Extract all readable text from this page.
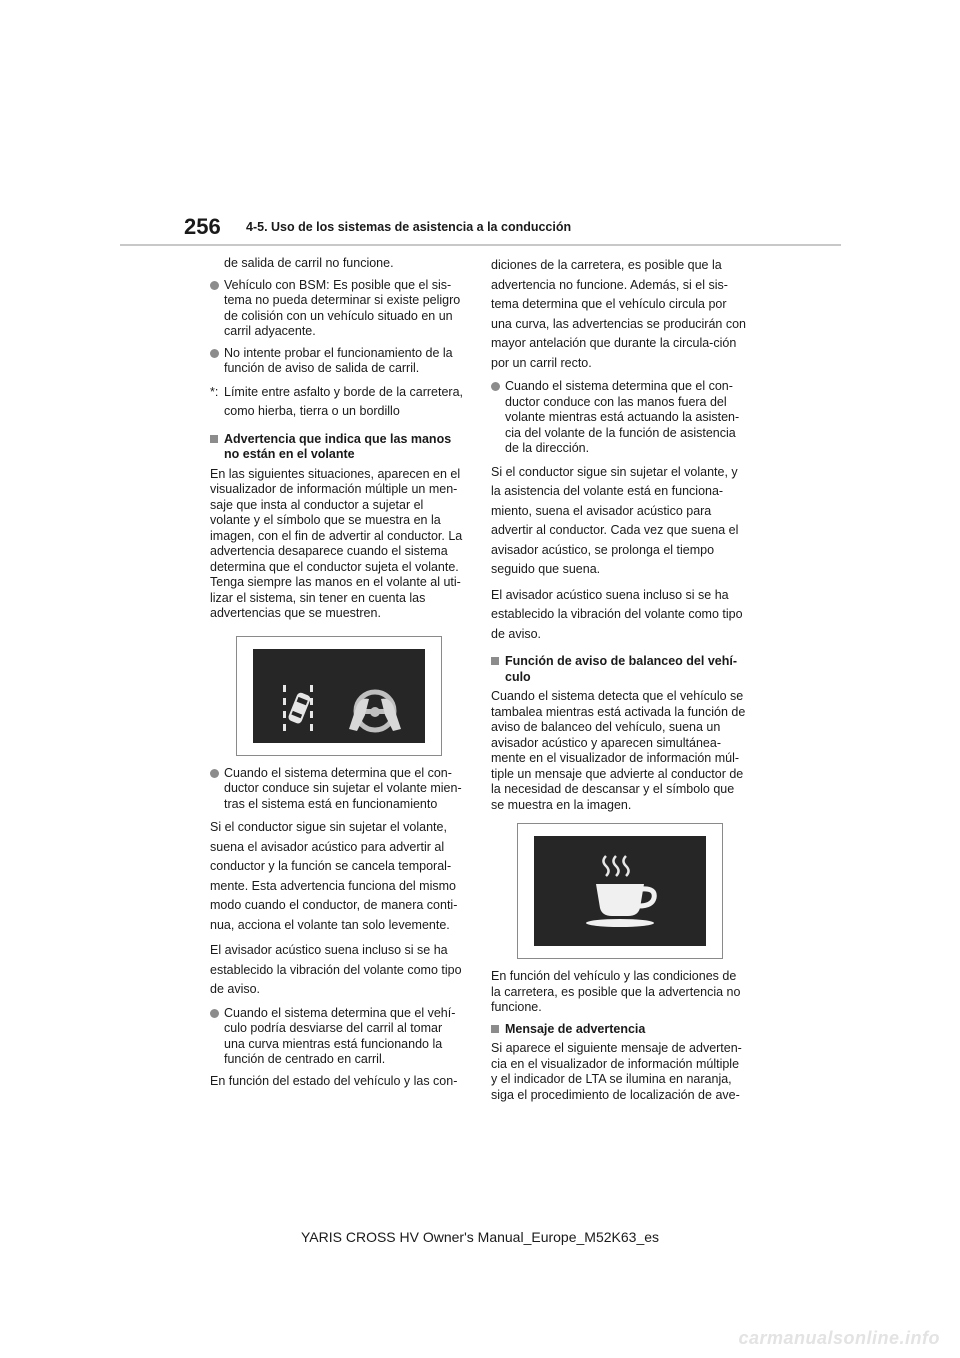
256 4-5. Uso de los sistemas de asistencia a la conducción

de salida de carril no funcione.

Vehículo con BSM: Es posible que el sis-tema no pueda determinar si existe peligro de colisión con un vehículo situado en un carril adyacente.
No intente probar el funcionamiento de la función de aviso de salida de carril.
*: Límite entre asfalto y borde de la carretera,
como hierba, tierra o un bordillo
Advertencia que indica que las manos no están en el volante

En las siguientes situaciones, aparecen en el visualizador de información múltiple un men-saje que insta al conductor a sujetar el volante y el símbolo que se muestra en la imagen, con el fin de advertir al conductor. La advertencia desaparece cuando el sistema determina que el conductor sujeta el volante. Tenga siempre las manos en el volante al uti-lizar el sistema, sin tener en cuenta las advertencias que se muestren.

Cuando el sistema determina que el con-ductor conduce sin sujetar el volante mien-tras el sistema está en funcionamiento

Si el conductor sigue sin sujetar el volante, suena el avisador acústico para advertir al conductor y la función se cancela temporal-mente. Esta advertencia funciona del mismo modo cuando el conductor, de manera conti-nua, acciona el volante tan solo levemente.

El avisador acústico suena incluso si se ha establecido la vibración del volante como tipo de aviso.

Cuando el sistema determina que el vehí-culo podría desviarse del carril al tomar una curva mientras está funcionando la función de centrado en carril.

En función del estado del vehículo y las con-

diciones de la carretera, es posible que la advertencia no funcione. Además, si el sis-tema determina que el vehículo circula por una curva, las advertencias se producirán con mayor antelación que durante la circula-ción por un carril recto.

Cuando el sistema determina que el con-ductor conduce con las manos fuera del volante mientras está actuando la asisten-cia del volante de la función de asistencia de la dirección.

Si el conductor sigue sin sujetar el volante, y la asistencia del volante está en funciona-miento, suena el avisador acústico para advertir al conductor. Cada vez que suena el avisador acústico, se prolonga el tiempo seguido que suena.

El avisador acústico suena incluso si se ha establecido la vibración del volante como tipo de aviso.

Función de aviso de balanceo del vehí-culo

Cuando el sistema detecta que el vehículo se tambalea mientras está activada la función de aviso de balanceo del vehículo, suena un avisador acústico y aparecen simultánea-mente en el visualizador de información múl-tiple un mensaje que advierte al conductor de la necesidad de descansar y el símbolo que se muestra en la imagen.

En función del vehículo y las condiciones de la carretera, es posible que la advertencia no funcione.

Mensaje de advertencia

Si aparece el siguiente mensaje de adverten-cia en el visualizador de información múltiple y el indicador de LTA se ilumina en naranja, siga el procedimiento de localización de ave-

YARIS CROSS HV Owner's Manual_Europe_M52K63_es
carmanualsonline.info
